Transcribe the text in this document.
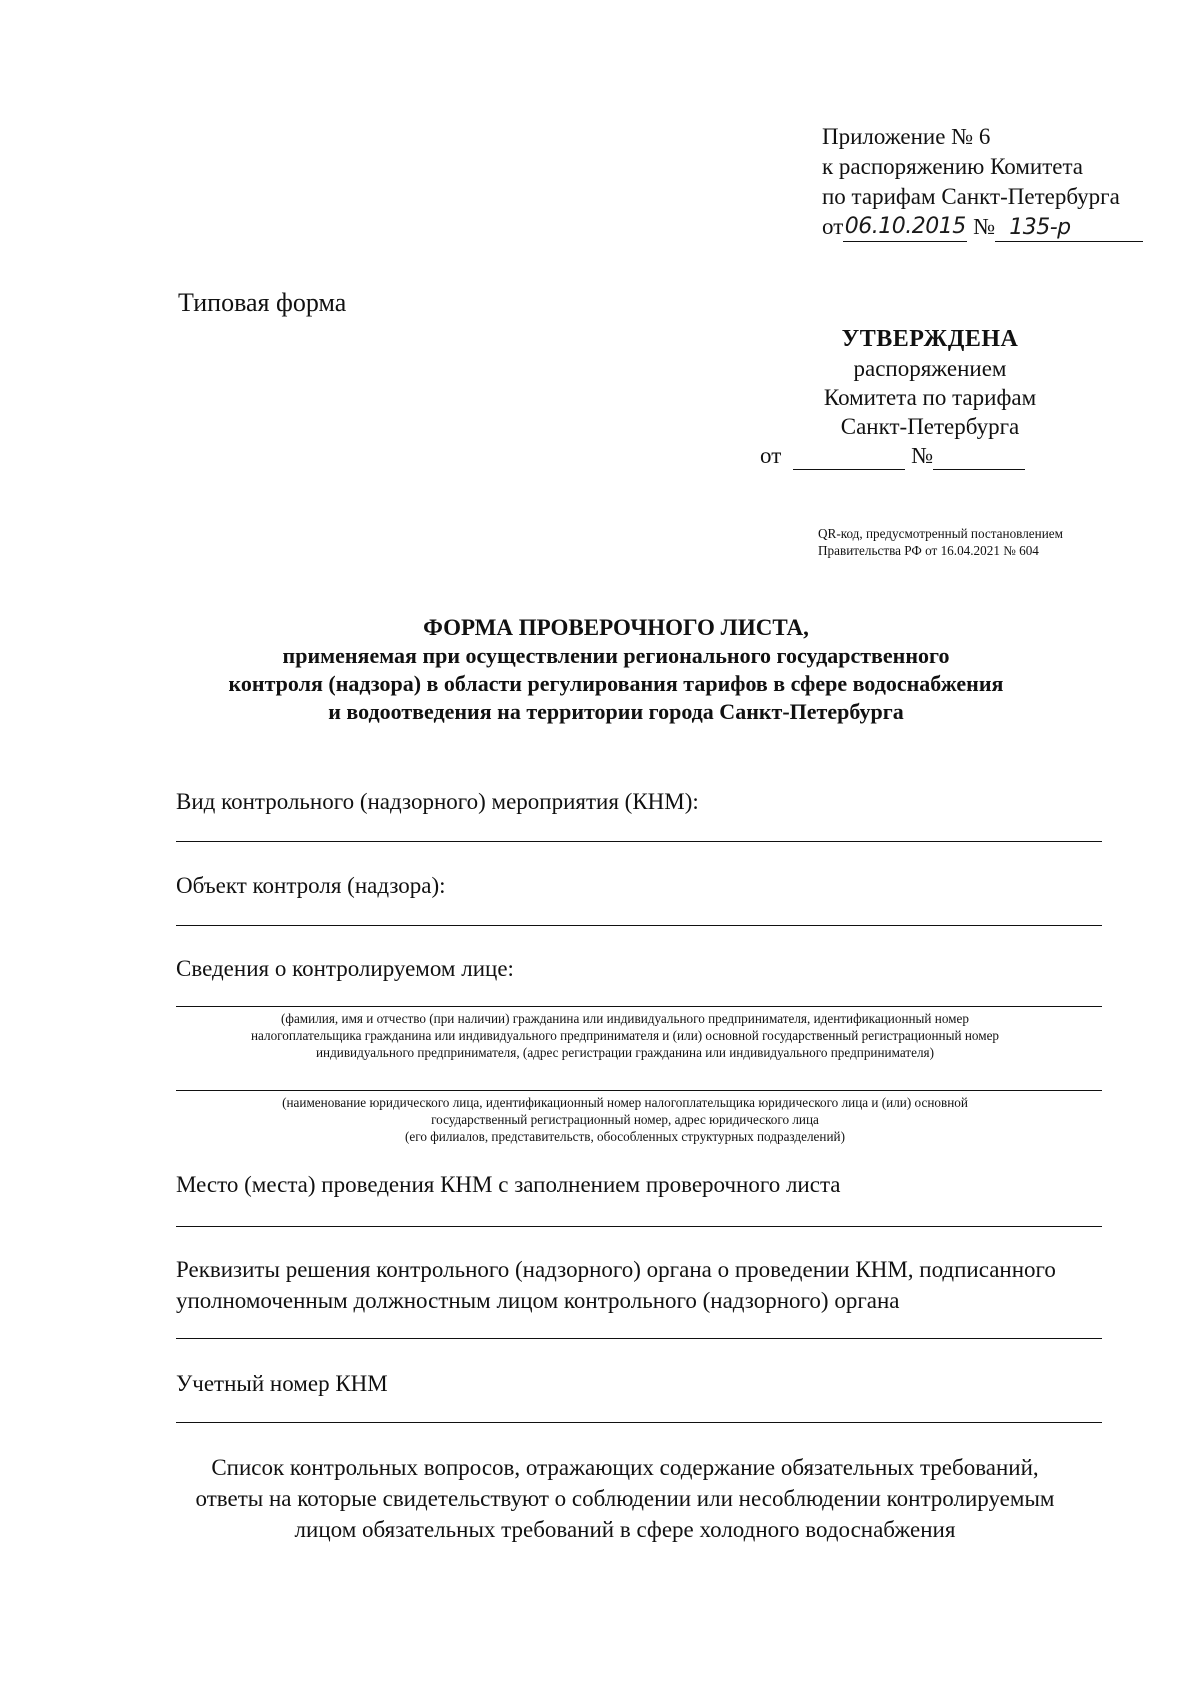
Приложение № 6
к распоряжению Комитета
по тарифам Санкт-Петербурга
от 06.10.2015 № 135-р
Типовая форма
УТВЕРЖДЕНА
распоряжением
Комитета по тарифам
Санкт-Петербурга
от	№
QR-код, предусмотренный постановлением
Правительства РФ от 16.04.2021 № 604
ФОРМА ПРОВЕРОЧНОГО ЛИСТА,
применяемая при осуществлении регионального государственного
контроля (надзора) в области регулирования тарифов в сфере водоснабжения
и водоотведения на территории города Санкт-Петербурга
Вид контрольного (надзорного) мероприятия (КНМ):
Объект контроля (надзора):
Сведения о контролируемом лице:
(фамилия, имя и отчество (при наличии) гражданина или индивидуального предпринимателя, идентификационный номер
налогоплательщика гражданина или индивидуального предпринимателя и (или) основной государственный регистрационный номер
индивидуального предпринимателя, (адрес регистрации гражданина или индивидуального предпринимателя)
(наименование юридического лица, идентификационный номер налогоплательщика юридического лица и (или) основной
государственный регистрационный номер, адрес юридического лица
(его филиалов, представительств, обособленных структурных подразделений)
Место (места) проведения КНМ с заполнением проверочного листа
Реквизиты решения контрольного (надзорного) органа о проведении КНМ, подписанного
уполномоченным должностным лицом контрольного (надзорного) органа
Учетный номер КНМ
Список контрольных вопросов, отражающих содержание обязательных требований,
ответы на которые свидетельствуют о соблюдении или несоблюдении контролируемым
лицом обязательных требований в сфере холодного водоснабжения
